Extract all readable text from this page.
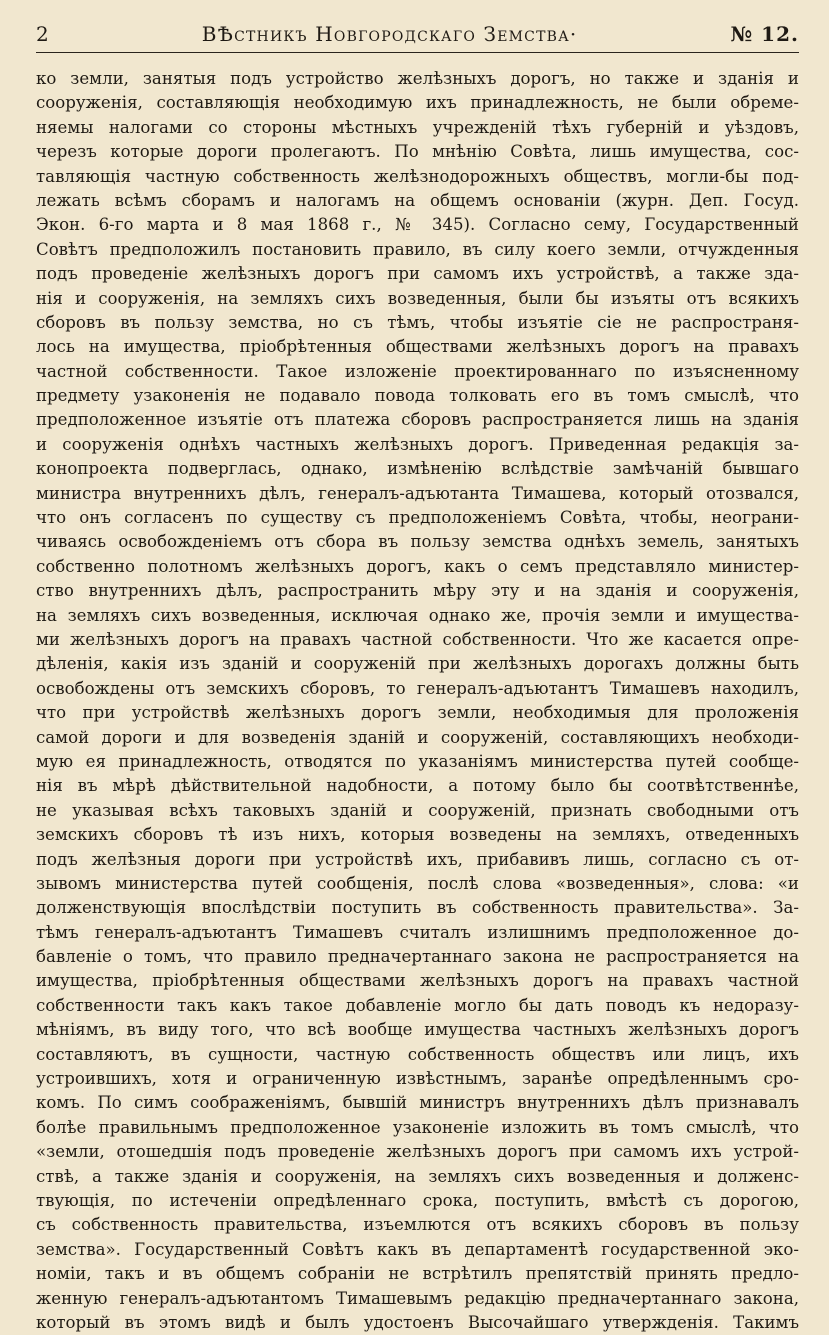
2	ВѢстникъ Новгородскаго Земства·	№ 12.
ко земли, занятыя подъ устройство желѣзныхъ дорогъ, но также и зданія и
сооруженія, составляющія необходимую ихъ принадлежность, не были обреме-
няемы налогами со стороны мѣстныхъ учрежденій тѣхъ губерній и уѣздовъ,
черезъ которые дороги пролегаютъ. По мнѣнію Совѣта, лишь имущества, сос-
тавляющія частную собственность желѣзнодорожныхъ обществъ, могли-бы под-
лежать всѣмъ сборамъ и налогамъ на общемъ основаніи (журн. Деп. Госуд.
Экон. 6-го марта и 8 мая 1868 г., № 345). Согласно сему, Государственный
Совѣтъ предположилъ постановить правило, въ силу коего земли, отчужденныя
подъ проведеніе желѣзныхъ дорогъ при самомъ ихъ устройствѣ, а также зда-
нія и сооруженія, на земляхъ сихъ возведенныя, были бы изъяты отъ всякихъ
сборовъ въ пользу земства, но съ тѣмъ, чтобы изъятіе сіе не распространя-
лось на имущества, пріобрѣтенныя обществами желѣзныхъ дорогъ на правахъ
частной собственности. Такое изложеніе проектированнаго по изъясненному
предмету узаконенія не подавало повода толковать его въ томъ смыслѣ, что
предположенное изъятіе отъ платежа сборовъ распространяется лишь на зданія
и сооруженія однѣхъ частныхъ желѣзныхъ дорогъ. Приведенная редакція за-
конопроекта подверглась, однако, измѣненію вслѣдствіе замѣчаній бывшаго
министра внутреннихъ дѣлъ, генералъ-адъютанта Тимашева, который отозвался,
что онъ согласенъ по существу съ предположеніемъ Совѣта, чтобы, неограни-
чиваясь освобожденіемъ отъ сбора въ пользу земства однѣхъ земель, занятыхъ
собственно полотномъ желѣзныхъ дорогъ, какъ о семъ представляло министер-
ство внутреннихъ дѣлъ, распространить мѣру эту и на зданія и сооруженія,
на земляхъ сихъ возведенныя, исключая однако же, прочія земли и имущества-
ми желѣзныхъ дорогъ на правахъ частной собственности. Что же касается опре-
дѣленія, какія изъ зданій и сооруженій при желѣзныхъ дорогахъ должны быть
освобождены отъ земскихъ сборовъ, то генералъ-адъютантъ Тимашевъ находилъ,
что при устройствѣ желѣзныхъ дорогъ земли, необходимыя для проложенія
самой дороги и для возведенія зданій и сооруженій, составляющихъ необходи-
мую ея принадлежность, отводятся по указаніямъ министерства путей сообще-
нія въ мѣрѣ дѣйствительной надобности, а потому было бы соотвѣтственнѣе,
не указывая всѣхъ таковыхъ зданій и сооруженій, признать свободными отъ
земскихъ сборовъ тѣ изъ нихъ, которыя возведены на земляхъ, отведенныхъ
подъ желѣзныя дороги при устройствѣ ихъ, прибавивъ лишь, согласно съ от-
зывомъ министерства путей сообщенія, послѣ слова «возведенныя», слова: «и
долженствующія впослѣдствіи поступить въ собственность правительства». За-
тѣмъ генералъ-адъютантъ Тимашевъ считалъ излишнимъ предположенное до-
бавленіе о томъ, что правило предначертаннаго закона не распространяется на
имущества, пріобрѣтенныя обществами желѣзныхъ дорогъ на правахъ частной
собственности такъ какъ такое добавленіе могло бы дать поводъ къ недоразу-
мѣніямъ, въ виду того, что всѣ вообще имущества частныхъ желѣзныхъ дорогъ
составляютъ, въ сущности, частную собственность обществъ или лицъ, ихъ
устроившихъ, хотя и ограниченную извѣстнымъ, заранѣе опредѣленнымъ сро-
комъ. По симъ соображеніямъ, бывшій министръ внутреннихъ дѣлъ признавалъ
болѣе правильнымъ предположенное узаконеніе изложить въ томъ смыслѣ, что
«земли, отошедшія подъ проведеніе желѣзныхъ дорогъ при самомъ ихъ устрой-
ствѣ, а также зданія и сооруженія, на земляхъ сихъ возведенныя и долженс-
твующія, по истеченіи опредѣленнаго срока, поступить, вмѣстѣ съ дорогою,
съ собственность правительства, изъемлются отъ всякихъ сборовъ въ пользу
земства». Государственный Совѣтъ какъ въ департаментѣ государственной эко-
номіи, такъ и въ общемъ собраніи не встрѣтилъ препятствій принять предло-
женную генералъ-адъютантомъ Тимашевымъ редакцію предначертаннаго закона,
который въ этомъ видѣ и былъ удостоенъ Высочайшаго утвержденія. Такимъ
